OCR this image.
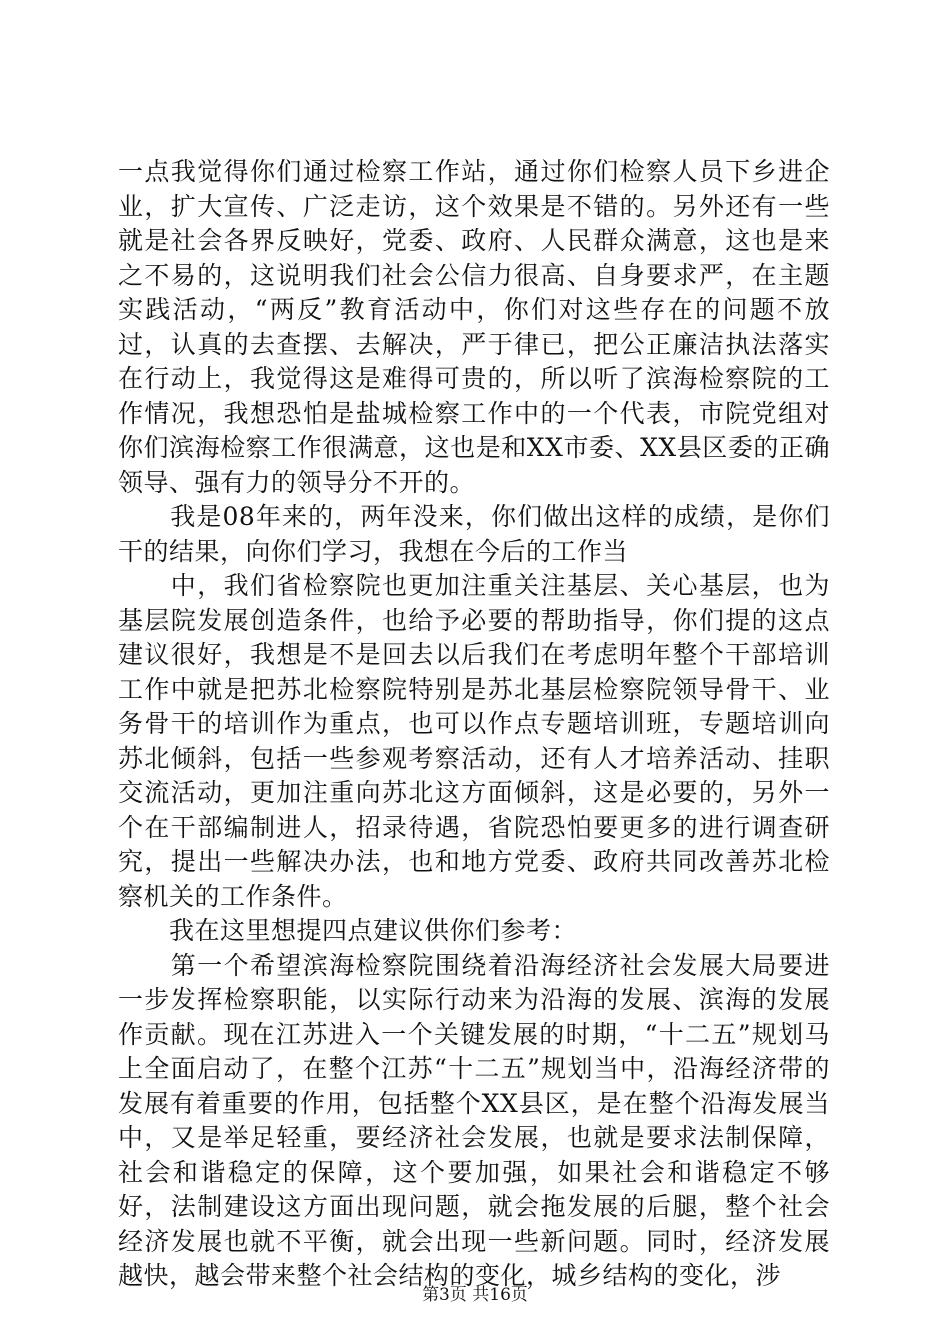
一点我觉得你们通过检察工作站，通过你们检察人员下乡进企业，扩大宣传、广泛走访，这个效果是不错的。另外还有一些就是社会各界反映好，党委、政府、人民群众满意，这也是来之不易的，这说明我们社会公信力很高、自身要求严，在主题实践活动，“两反”教育活动中，你们对这些存在的问题不放过，认真的去查摆、去解决，严于律已，把公正廉洁执法落实在行动上，我觉得这是难得可贵的，所以听了滨海检察院的工作情况，我想恐怕是盐城检察工作中的一个代表，市院党组对你们滨海检察工作很满意，这也是和XX市委、XX县区委的正确领导、强有力的领导分不开的。

　　我是08年来的，两年没来，你们做出这样的成绩，是你们干的结果，向你们学习，我想在今后的工作当

　　中，我们省检察院也更加注重关注基层、关心基层，也为基层院发展创造条件，也给予必要的帮助指导，你们提的这点建议很好，我想是不是回去以后我们在考虑明年整个干部培训工作中就是把苏北检察院特别是苏北基层检察院领导骨干、业务骨干的培训作为重点，也可以作点专题培训班，专题培训向苏北倾斜，包括一些参观考察活动，还有人才培养活动、挂职交流活动，更加注重向苏北这方面倾斜，这是必要的，另外一个在干部编制进人，招录待遇，省院恐怕要更多的进行调查研究，提出一些解决办法，也和地方党委、政府共同改善苏北检察机关的工作条件。

　　我在这里想提四点建议供你们参考：

　　第一个希望滨海检察院围绕着沿海经济社会发展大局要进一步发挥检察职能，以实际行动来为沿海的发展、滨海的发展作贡献。现在江苏进入一个关键发展的时期，“十二五”规划马上全面启动了，在整个江苏“十二五”规划当中，沿海经济带的发展有着重要的作用，包括整个XX县区，是在整个沿海发展当中，又是举足轻重，要经济社会发展，也就是要求法制保障，社会和谐稳定的保障，这个要加强，如果社会和谐稳定不够好，法制建设这方面出现问题，就会拖发展的后腿，整个社会经济发展也就不平衡，就会出现一些新问题。同时，经济发展越快，越会带来整个社会结构的变化，城乡结构的变化，涉

第3页 共16页
